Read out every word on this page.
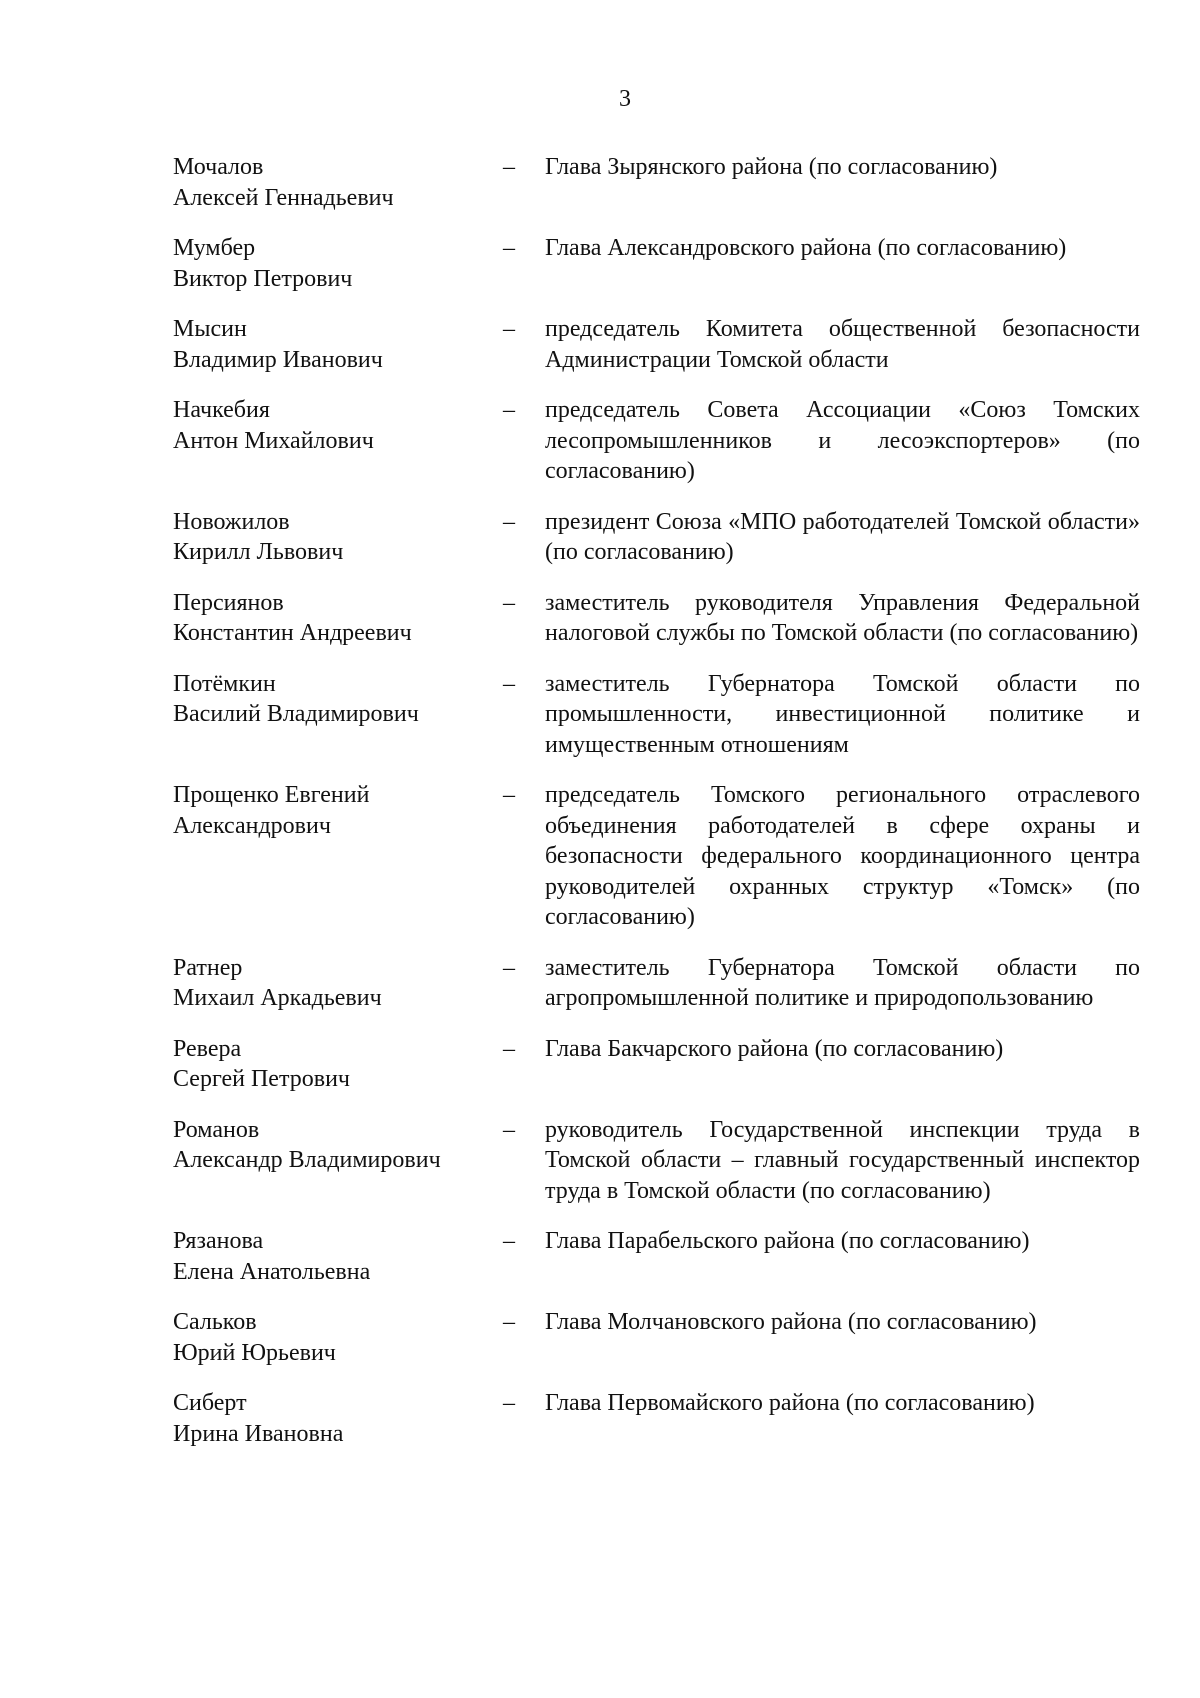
3
Мочалов
Алексей Геннадьевич
–	Глава Зырянского района (по согласованию)
Мумбер
Виктор Петрович
–	Глава Александровского района (по согласованию)
Мысин
Владимир Иванович
–	председатель Комитета общественной безопасности Администрации Томской области
Начкебия
Антон Михайлович
–	председатель Совета Ассоциации «Союз Томских лесопромышленников и лесоэкспортеров» (по согласованию)
Новожилов
Кирилл Львович
–	президент Союза «МПО работодателей Томской области» (по согласованию)
Персиянов
Константин Андреевич
–	заместитель руководителя Управления Федеральной налоговой службы по Томской области (по согласованию)
Потёмкин
Василий Владимирович
–	заместитель Губернатора Томской области по промышленности, инвестиционной политике и имущественным отношениям
Прощенко Евгений
Александрович
–	председатель Томского регионального отраслевого объединения работодателей в сфере охраны и безопасности федерального координационного центра руководителей охранных структур «Томск» (по согласованию)
Ратнер
Михаил Аркадьевич
–	заместитель Губернатора Томской области по агропромышленной политике и природопользованию
Ревера
Сергей Петрович
–	Глава Бакчарского района (по согласованию)
Романов
Александр Владимирович
–	руководитель Государственной инспекции труда в Томской области – главный государственный инспектор труда в Томской области (по согласованию)
Рязанова
Елена Анатольевна
–	Глава Парабельского района (по согласованию)
Сальков
Юрий Юрьевич
–	Глава Молчановского района (по согласованию)
Сиберт
Ирина Ивановна
–	Глава Первомайского района (по согласованию)
